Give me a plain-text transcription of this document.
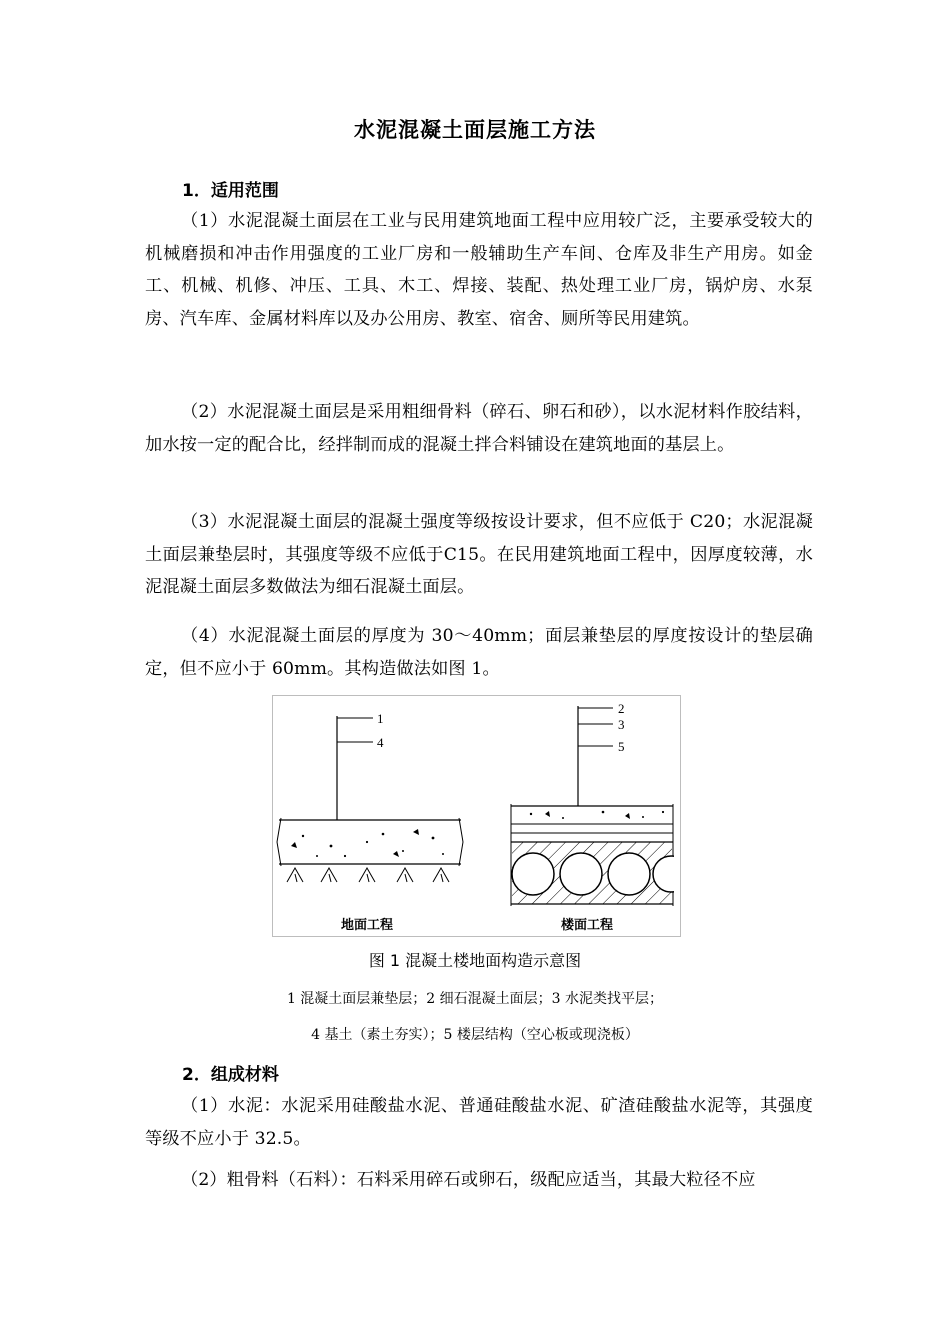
水泥混凝土面层施工方法
1．适用范围
（1）水泥混凝土面层在工业与民用建筑地面工程中应用较广泛，主要承受较大的机械磨损和冲击作用强度的工业厂房和一般辅助生产车间、仓库及非生产用房。如金工、机械、机修、冲压、工具、木工、焊接、装配、热处理工业厂房，锅炉房、水泵房、汽车库、金属材料库以及办公用房、教室、宿舍、厕所等民用建筑。
（2）水泥混凝土面层是采用粗细骨料（碎石、卵石和砂），以水泥材料作胶结料，加水按一定的配合比，经拌制而成的混凝土拌合料铺设在建筑地面的基层上。
（3）水泥混凝土面层的混凝土强度等级按设计要求，但不应低于 C20；水泥混凝土面层兼垫层时，其强度等级不应低于C15。在民用建筑地面工程中，因厚度较薄，水泥混凝土面层多数做法为细石混凝土面层。
（4）水泥混凝土面层的厚度为 30～40mm；面层兼垫层的厚度按设计的垫层确定，但不应小于 60mm。其构造做法如图 1。
1
4
2
3
5
地面工程	楼面工程
图 1 混凝土楼地面构造示意图
1 混凝土面层兼垫层；2 细石混凝土面层；3 水泥类找平层；
4 基土（素土夯实）；5 楼层结构（空心板或现浇板）
2．组成材料
（1）水泥：水泥采用硅酸盐水泥、普通硅酸盐水泥、矿渣硅酸盐水泥等，其强度等级不应小于 32.5。
（2）粗骨料（石料）：石料采用碎石或卵石，级配应适当，其最大粒径不应
